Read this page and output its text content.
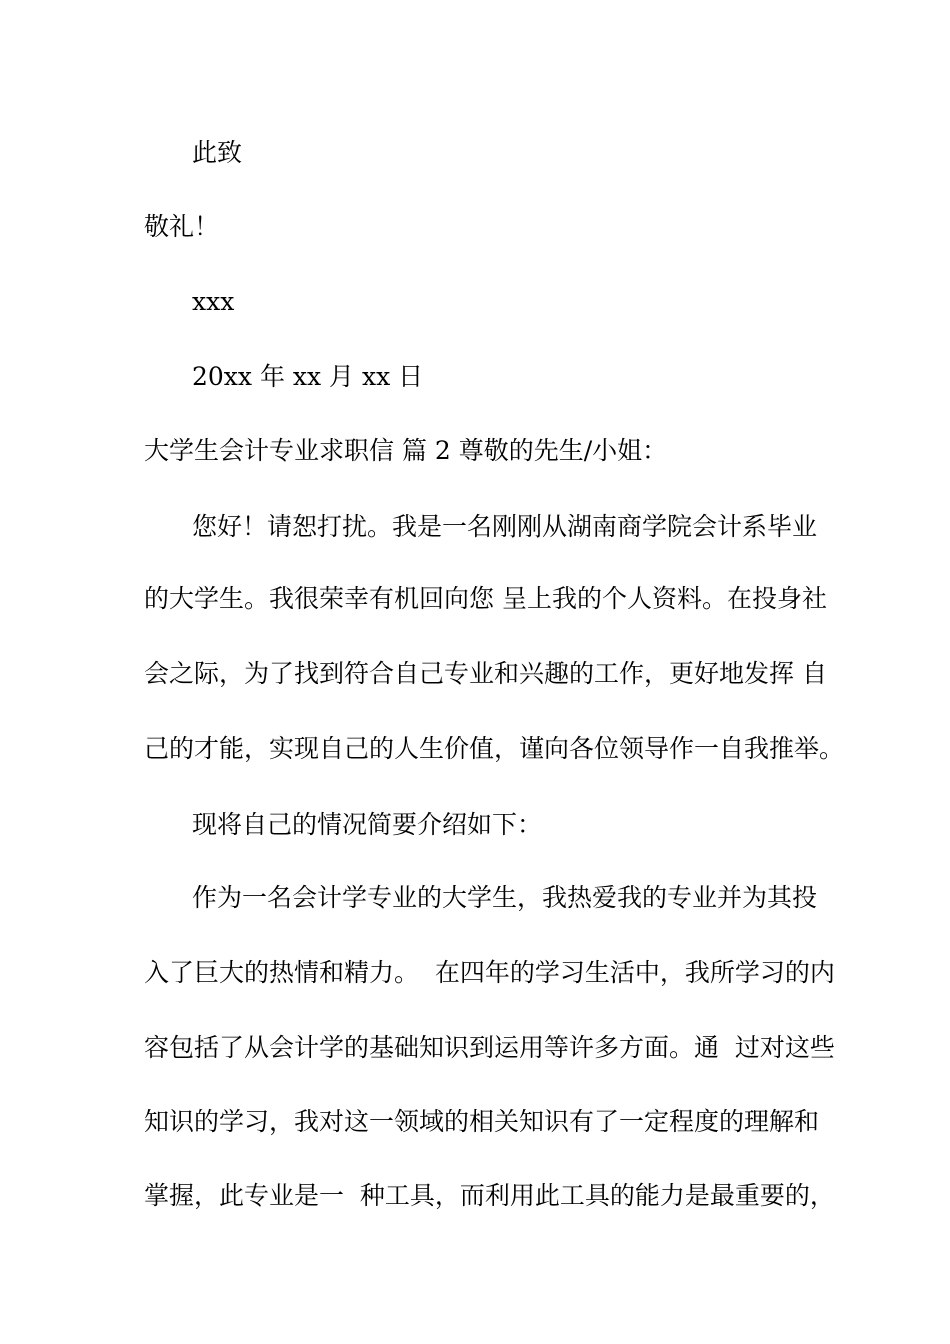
此致
敬礼！
xxx
20xx 年 xx 月 xx 日
大学生会计专业求职信 篇 2 尊敬的先生/小姐：
您好！请恕打扰。我是一名刚刚从湖南商学院会计系毕业
的大学生。我很荣幸有机回向您 呈上我的个人资料。在投身社
会之际，为了找到符合自己专业和兴趣的工作，更好地发挥 自
己的才能，实现自己的人生价值，谨向各位领导作一自我推举。
现将自己的情况简要介绍如下：
作为一名会计学专业的大学生，我热爱我的专业并为其投
入了巨大的热情和精力。  在四年的学习生活中，我所学习的内
容包括了从会计学的基础知识到运用等许多方面。通  过对这些
知识的学习，我对这一领域的相关知识有了一定程度的理解和
掌握，此专业是一  种工具，而利用此工具的能力是最重要的，
